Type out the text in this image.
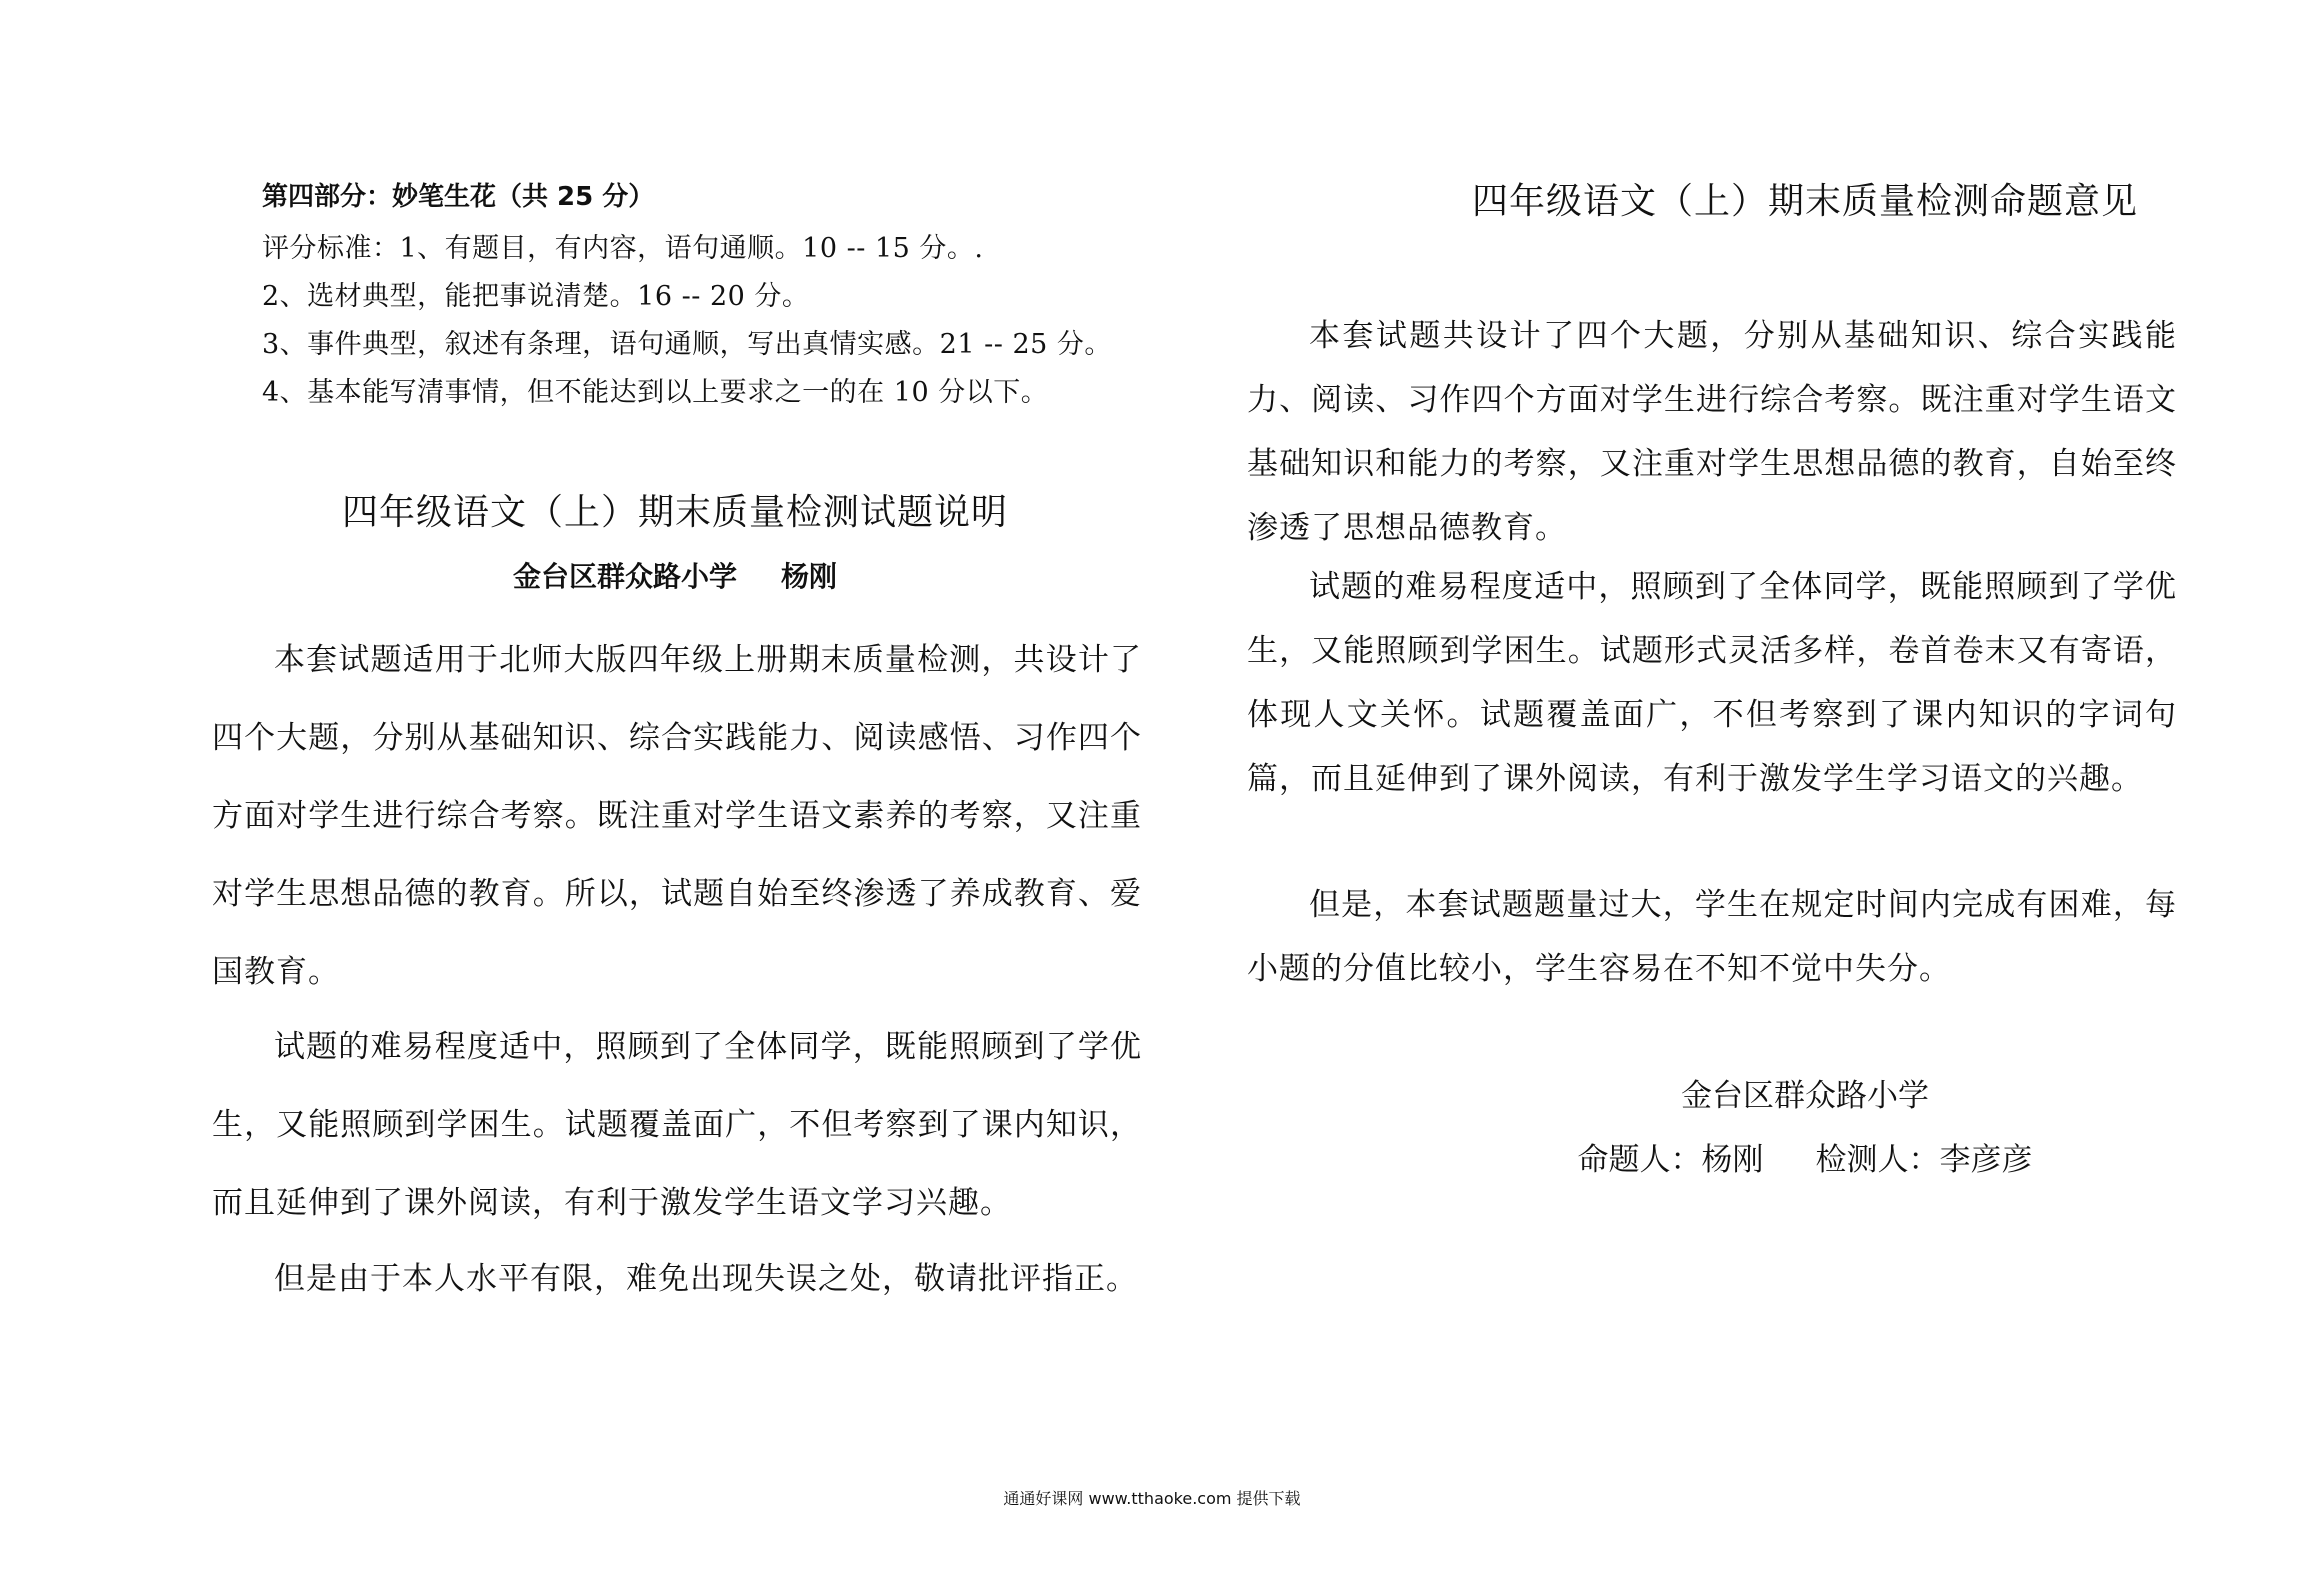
第四部分：妙笔生花（共 25 分）
评分标准：1、有题目，有内容，语句通顺。10 -- 15 分。.
2、选材典型，能把事说清楚。16 -- 20 分。
3、事件典型，叙述有条理，语句通顺，写出真情实感。21 -- 25 分。
4、基本能写清事情，但不能达到以上要求之一的在 10 分以下。
四年级语文（上）期末质量检测试题说明
金台区群众路小学 杨刚

本套试题适用于北师大版四年级上册期末质量检测，共设计了四个大题，分别从基础知识、综合实践能力、阅读感悟、习作四个方面对学生进行综合考察。既注重对学生语文素养的考察，又注重对学生思想品德的教育。所以，试题自始至终渗透了养成教育、爱国教育。

试题的难易程度适中，照顾到了全体同学，既能照顾到了学优生，又能照顾到学困生。试题覆盖面广，不但考察到了课内知识，而且延伸到了课外阅读，有利于激发学生语文学习兴趣。

但是由于本人水平有限，难免出现失误之处，敬请批评指正。

四年级语文（上）期末质量检测命题意见

本套试题共设计了四个大题，分别从基础知识、综合实践能力、阅读、习作四个方面对学生进行综合考察。既注重对学生语文基础知识和能力的考察，又注重对学生思想品德的教育，自始至终渗透了思想品德教育。

试题的难易程度适中，照顾到了全体同学，既能照顾到了学优生，又能照顾到学困生。试题形式灵活多样，卷首卷末又有寄语，体现人文关怀。试题覆盖面广，不但考察到了课内知识的字词句篇，而且延伸到了课外阅读，有利于激发学生学习语文的兴趣。

但是，本套试题题量过大，学生在规定时间内完成有困难，每小题的分值比较小，学生容易在不知不觉中失分。

金台区群众路小学
命题人：杨刚 检测人：李彦彦
通通好课网 www.tthaoke.com 提供下载
